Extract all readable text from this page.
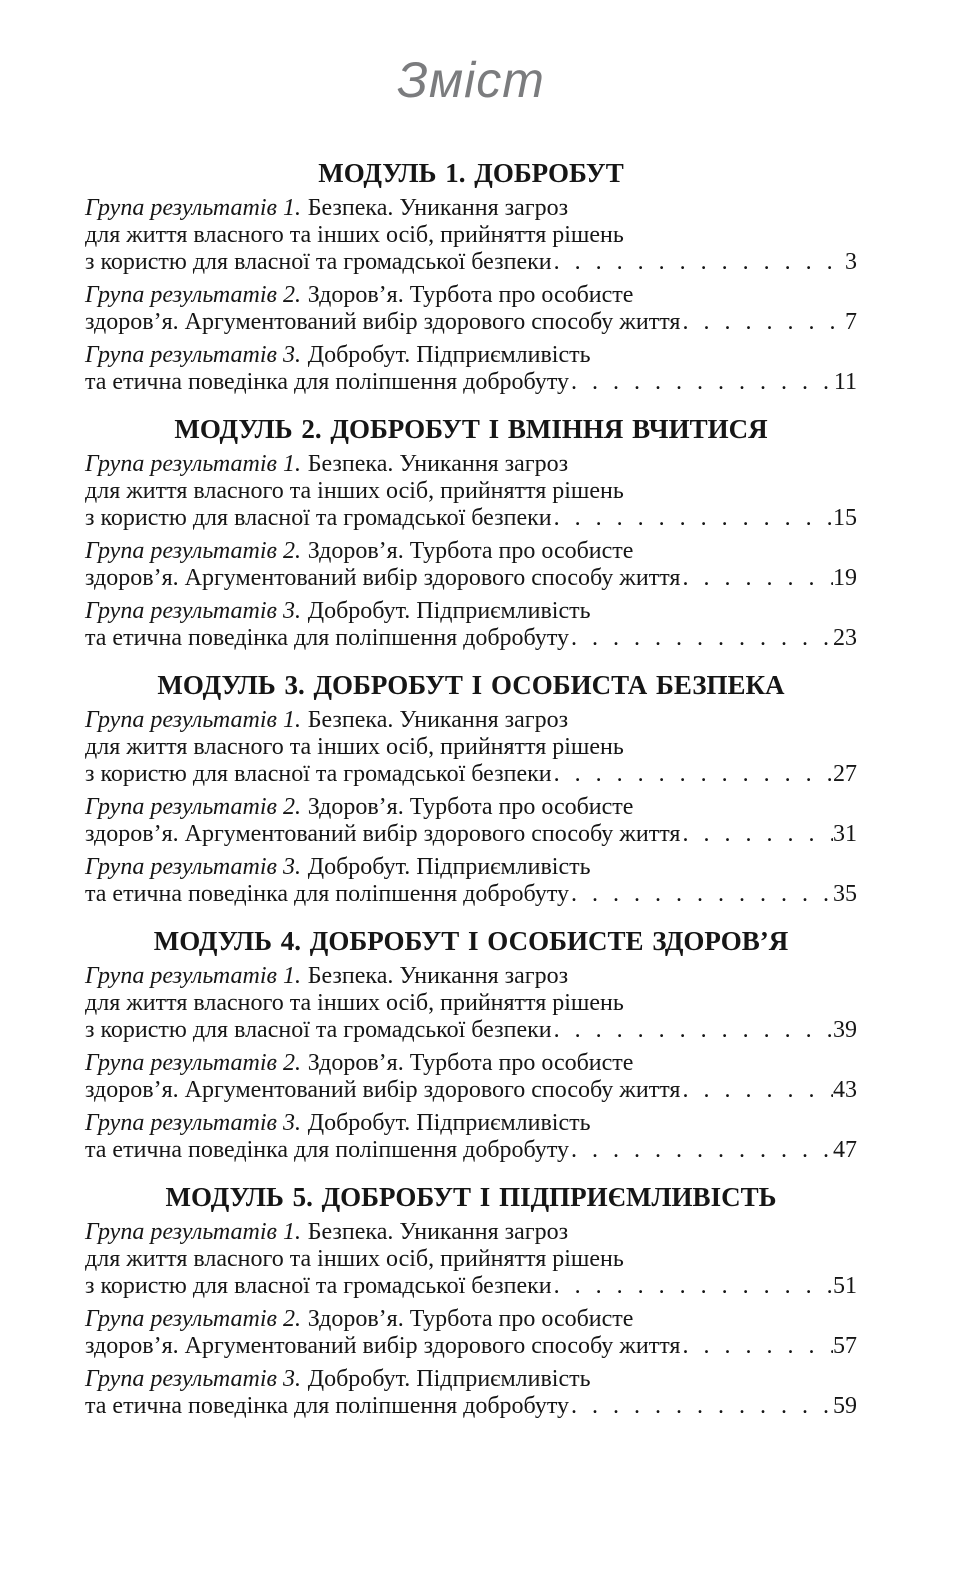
Зміст
МОДУЛЬ 1. ДОБРОБУТ

Група результатів 1. Безпека. Уникання загроз

для життя власного та інших осіб, прийняття рішень

з користю для власної та громадської безпеки . . .	3

Група результатів 2. Здоров’я. Турбота про особисте

здоров’я. Аргументований вибір здорового способу життя . . .	7

Група результатів 3. Добробут. Підприємливість

та етична поведінка для поліпшення добробуту . . .	11

МОДУЛЬ 2. ДОБРОБУТ І ВМІННЯ ВЧИТИСЯ

Група результатів 1. Безпека. Уникання загроз

для життя власного та інших осіб, прийняття рішень

з користю для власної та громадської безпеки . . .	15

Група результатів 2. Здоров’я. Турбота про особисте

здоров’я. Аргументований вибір здорового способу життя . . .	19

Група результатів 3. Добробут. Підприємливість

та етична поведінка для поліпшення добробуту . . .	23

МОДУЛЬ 3. ДОБРОБУТ І ОСОБИСТА БЕЗПЕКА

Група результатів 1. Безпека. Уникання загроз

для життя власного та інших осіб, прийняття рішень

з користю для власної та громадської безпеки . . .	27

Група результатів 2. Здоров’я. Турбота про особисте

здоров’я. Аргументований вибір здорового способу життя . . .	31

Група результатів 3. Добробут. Підприємливість

та етична поведінка для поліпшення добробуту . . .	35

МОДУЛЬ 4. ДОБРОБУТ І ОСОБИСТЕ ЗДОРОВ’Я

Група результатів 1. Безпека. Уникання загроз

для життя власного та інших осіб, прийняття рішень

з користю для власної та громадської безпеки . . .	39

Група результатів 2. Здоров’я. Турбота про особисте

здоров’я. Аргументований вибір здорового способу життя . . .	43

Група результатів 3. Добробут. Підприємливість

та етична поведінка для поліпшення добробуту . . .	47

МОДУЛЬ 5. ДОБРОБУТ І ПІДПРИЄМЛИВІСТЬ

Група результатів 1. Безпека. Уникання загроз

для життя власного та інших осіб, прийняття рішень

з користю для власної та громадської безпеки . . .	51

Група результатів 2. Здоров’я. Турбота про особисте

здоров’я. Аргументований вибір здорового способу життя . . .	57

Група результатів 3. Добробут. Підприємливість

та етична поведінка для поліпшення добробуту . . .	59
